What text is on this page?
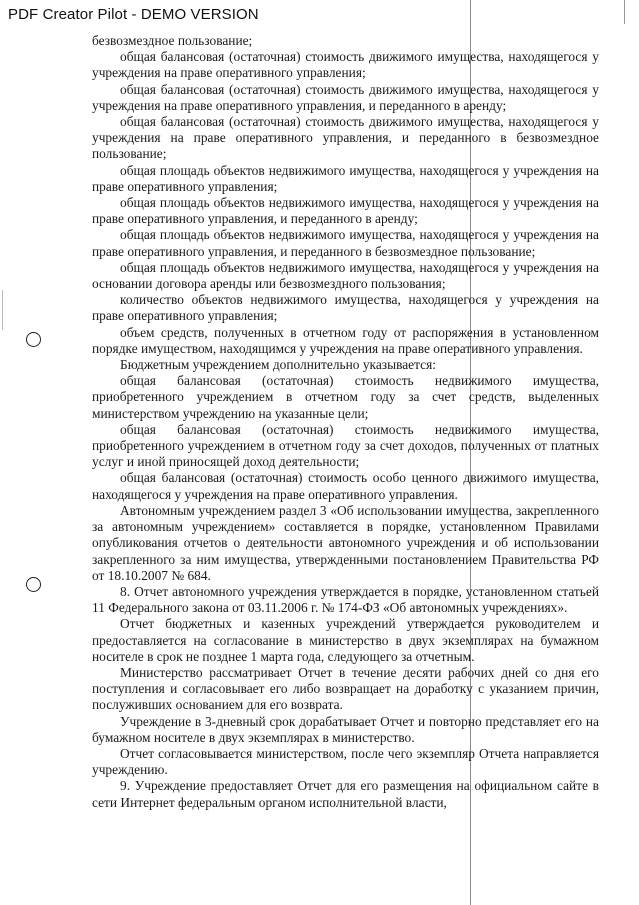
PDF Creator Pilot - DEMO VERSION

безвозмездное пользование;

общая балансовая (остаточная) стоимость движимого имущества, находящегося у учреждения на праве оперативного управления;

общая балансовая (остаточная) стоимость движимого имущества, находящегося у учреждения на праве оперативного управления, и переданного в аренду;

общая балансовая (остаточная) стоимость движимого имущества, находящегося у учреждения на праве оперативного управления, и переданного в безвозмездное пользование;

общая площадь объектов недвижимого имущества, находящегося у учреждения на праве оперативного управления;

общая площадь объектов недвижимого имущества, находящегося у учреждения на праве оперативного управления, и переданного в аренду;

общая площадь объектов недвижимого имущества, находящегося у учреждения на праве оперативного управления, и переданного в безвозмездное пользование;

общая площадь объектов недвижимого имущества, находящегося у учреждения на основании договора аренды или безвозмездного пользования;

количество объектов недвижимого имущества, находящегося у учреждения на праве оперативного управления;

объем средств, полученных в отчетном году от распоряжения в установленном порядке имуществом, находящимся у учреждения на праве оперативного управления.

Бюджетным учреждением дополнительно указывается:

общая балансовая (остаточная) стоимость недвижимого имущества, приобретенного учреждением в отчетном году за счет средств, выделенных министерством учреждению на указанные цели;

общая балансовая (остаточная) стоимость недвижимого имущества, приобретенного учреждением в отчетном году за счет доходов, полученных от платных услуг и иной приносящей доход деятельности;

общая балансовая (остаточная) стоимость особо ценного движимого имущества, находящегося у учреждения на праве оперативного управления.

Автономным учреждением раздел 3 «Об использовании имущества, закрепленного за автономным учреждением» составляется в порядке, установленном Правилами опубликования отчетов о деятельности автономного учреждения и об использовании закрепленного за ним имущества, утвержденными постановлением Правительства РФ от 18.10.2007 № 684.

8. Отчет автономного учреждения утверждается в порядке, установленном статьей 11 Федерального закона от 03.11.2006 г. № 174-ФЗ «Об автономных учреждениях».

Отчет бюджетных и казенных учреждений утверждается руководителем и предоставляется на согласование в министерство в двух экземплярах на бумажном носителе в срок не позднее 1 марта года, следующего за отчетным.

Министерство рассматривает Отчет в течение десяти рабочих дней со дня его поступления и согласовывает его либо возвращает на доработку с указанием причин, послуживших основанием для его возврата.

Учреждение в 3-дневный срок дорабатывает Отчет и повторно представляет его на бумажном носителе в двух экземплярах в министерство.

Отчет согласовывается министерством, после чего экземпляр Отчета направляется учреждению.

9. Учреждение предоставляет Отчет для его размещения на официальном сайте в сети Интернет федеральным органом исполнительной власти,
